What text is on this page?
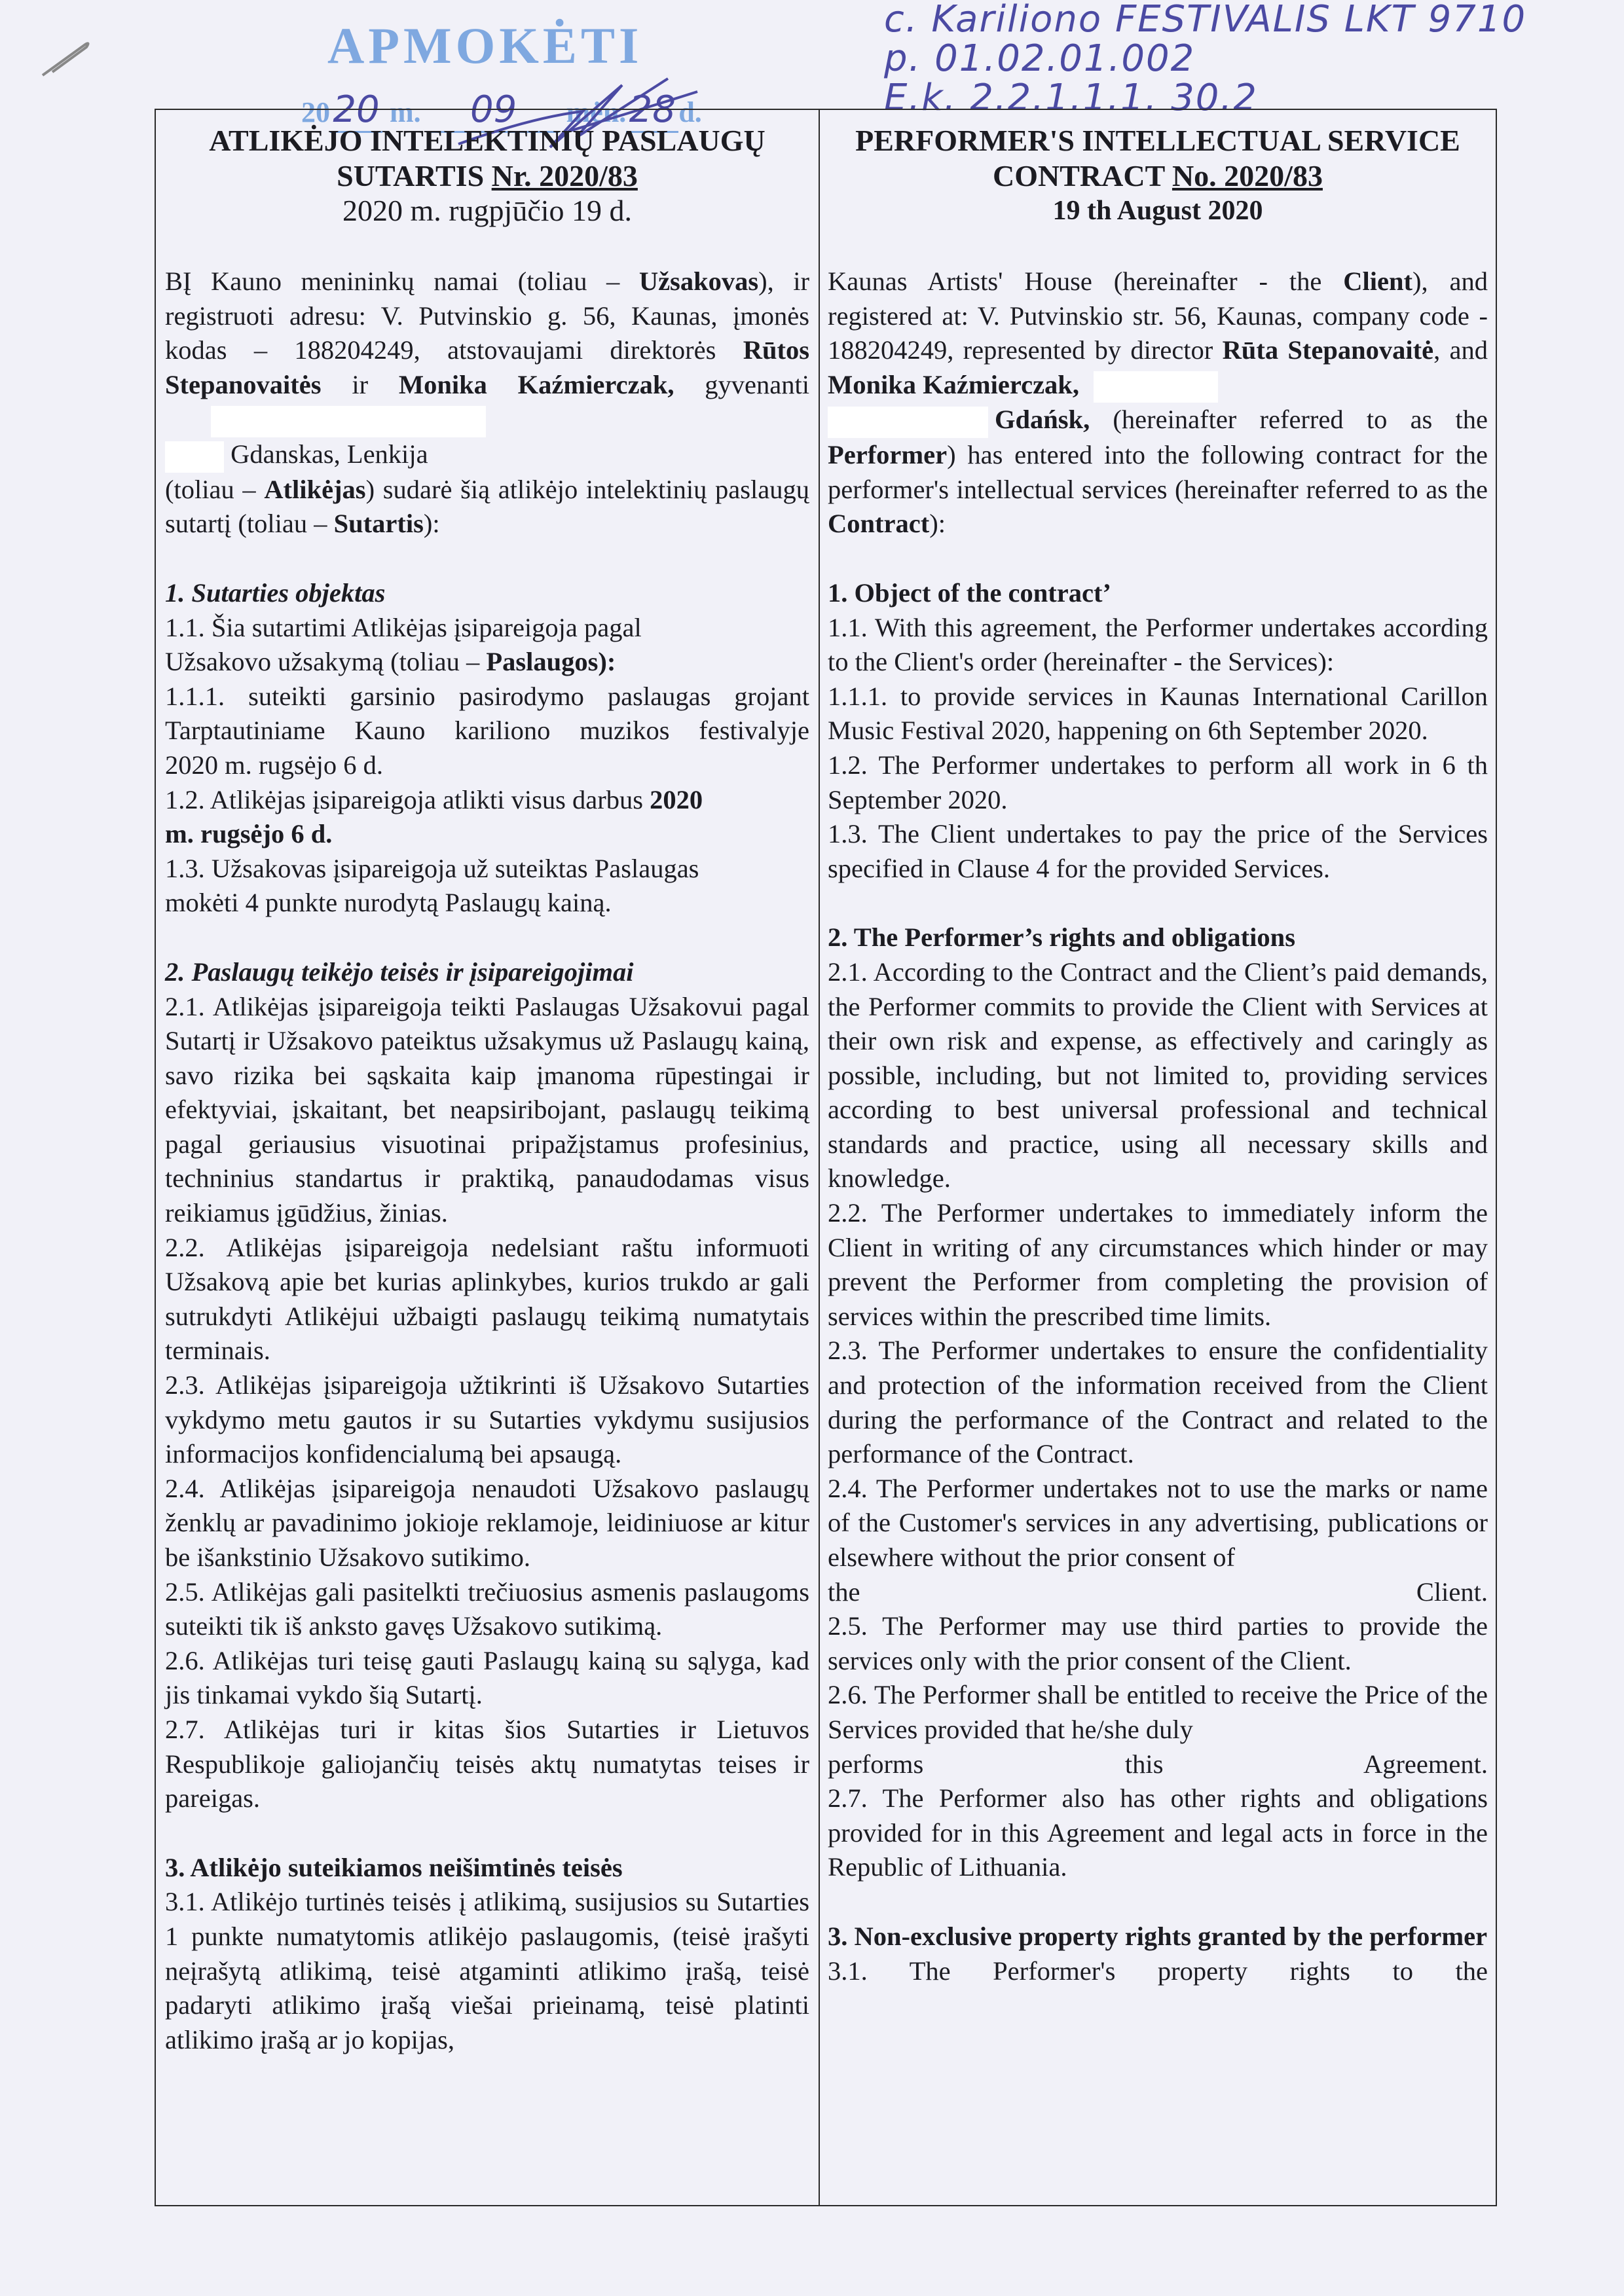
APMOKĖTI
2020 m. 09 mėn.28d.
c. Kariliono FESTIVALIS LKT 9710
p. 01.02.01.002
E.k. 2.2.1.1.1. 30.2

ATLIKĖJO INTELEKTINIŲ PASLAUGŲ

SUTARTIS Nr. 2020/83

2020 m. rugpjūčio 19 d.

BĮ Kauno menininkų namai (toliau – Užsakovas), ir registruoti adresu: V. Putvinskio g. 56, Kaunas, įmonės kodas – 188204249, atstovaujami direktorės Rūtos Stepanovaitės ir Monika Kaźmierczak, gyvenanti
Gdanskas, Lenkija
(toliau – Atlikėjas) sudarė šią atlikėjo intelektinių paslaugų sutartį (toliau – Sutartis):

1. Sutarties objektas

1.1. Šia sutartimi Atlikėjas įsipareigoja pagal

Užsakovo užsakymą (toliau – Paslaugos):

1.1.1. suteikti garsinio pasirodymo paslaugas grojant

Tarptautiniame Kauno kariliono muzikos festivalyje

2020 m. rugsėjo 6 d.

1.2. Atlikėjas įsipareigoja atlikti visus darbus 2020
m. rugsėjo 6 d.

1.3. Užsakovas įsipareigoja už suteiktas Paslaugas

mokėti 4 punkte nurodytą Paslaugų kainą.

2. Paslaugų teikėjo teisės ir įsipareigojimai

2.1. Atlikėjas įsipareigoja teikti Paslaugas Užsakovui pagal Sutartį ir Užsakovo pateiktus užsakymus už Paslaugų kainą, savo rizika bei sąskaita kaip įmanoma rūpestingai ir efektyviai, įskaitant, bet neapsiribojant, paslaugų teikimą pagal geriausius visuotinai pripažįstamus profesinius, techninius standartus ir praktiką, panaudodamas visus reikiamus įgūdžius, žinias.

2.2. Atlikėjas įsipareigoja nedelsiant raštu informuoti Užsakovą apie bet kurias aplinkybes, kurios trukdo ar gali sutrukdyti Atlikėjui užbaigti paslaugų teikimą numatytais terminais.

2.3. Atlikėjas įsipareigoja užtikrinti iš Užsakovo Sutarties vykdymo metu gautos ir su Sutarties vykdymu susijusios informacijos konfidencialumą bei apsaugą.

2.4. Atlikėjas įsipareigoja nenaudoti Užsakovo paslaugų ženklų ar pavadinimo jokioje reklamoje, leidiniuose ar kitur be išankstinio Užsakovo sutikimo.

2.5. Atlikėjas gali pasitelkti trečiuosius asmenis paslaugoms suteikti tik iš anksto gavęs Užsakovo sutikimą.

2.6. Atlikėjas turi teisę gauti Paslaugų kainą su sąlyga, kad jis tinkamai vykdo šią Sutartį.

2.7. Atlikėjas turi ir kitas šios Sutarties ir Lietuvos Respublikoje galiojančių teisės aktų numatytas teises ir pareigas.

3. Atlikėjo suteikiamos neišimtinės teisės

3.1. Atlikėjo turtinės teisės į atlikimą, susijusios su Sutarties 1 punkte numatytomis atlikėjo paslaugomis, (teisė įrašyti neįrašytą atlikimą, teisė atgaminti atlikimo įrašą, teisė padaryti atlikimo įrašą viešai prieinamą, teisė platinti atlikimo įrašą ar jo kopijas,

PERFORMER'S INTELLECTUAL SERVICE

CONTRACT No. 2020/83

19 th August 2020

Kaunas Artists' House (hereinafter - the Client), and registered at: V. Putvinskio str. 56, Kaunas, company code - 188204249, represented by director Rūta Stepanovaitė, and Monika Kaźmierczak,
Gdańsk, (hereinafter referred to as the Performer) has entered into the following contract for the performer's intellectual services (hereinafter referred to as the Contract):

1. Object of the contract’

1.1. With this agreement, the Performer undertakes according to the Client's order (hereinafter - the Services):

1.1.1. to provide services in Kaunas International Carillon Music Festival 2020, happening on 6th September 2020.

1.2. The Performer undertakes to perform all work in 6 th September 2020.

1.3. The Client undertakes to pay the price of the Services specified in Clause 4 for the provided Services.

2. The Performer’s rights and obligations

2.1. According to the Contract and the Client’s paid demands, the Performer commits to provide the Client with Services at their own risk and expense, as effectively and caringly as possible, including, but not limited to, providing services according to best universal professional and technical standards and practice, using all necessary skills and knowledge.

2.2. The Performer undertakes to immediately inform the Client in writing of any circumstances which hinder or may prevent the Performer from completing the provision of services within the prescribed time limits.

2.3. The Performer undertakes to ensure the confidentiality and protection of the information received from the Client during the performance of the Contract and related to the performance of the Contract.

2.4. The Performer undertakes not to use the marks or name of the Customer's services in any advertising, publications or elsewhere without the prior consent of

the Client.

2.5. The Performer may use third parties to provide the services only with the prior consent of the Client.

2.6. The Performer shall be entitled to receive the Price of the Services provided that he/she duly

performs this Agreement.

2.7. The Performer also has other rights and obligations provided for in this Agreement and legal acts in force in the Republic of Lithuania.

3. Non-exclusive property rights granted by the performer

3.1. The Performer's property rights to the
